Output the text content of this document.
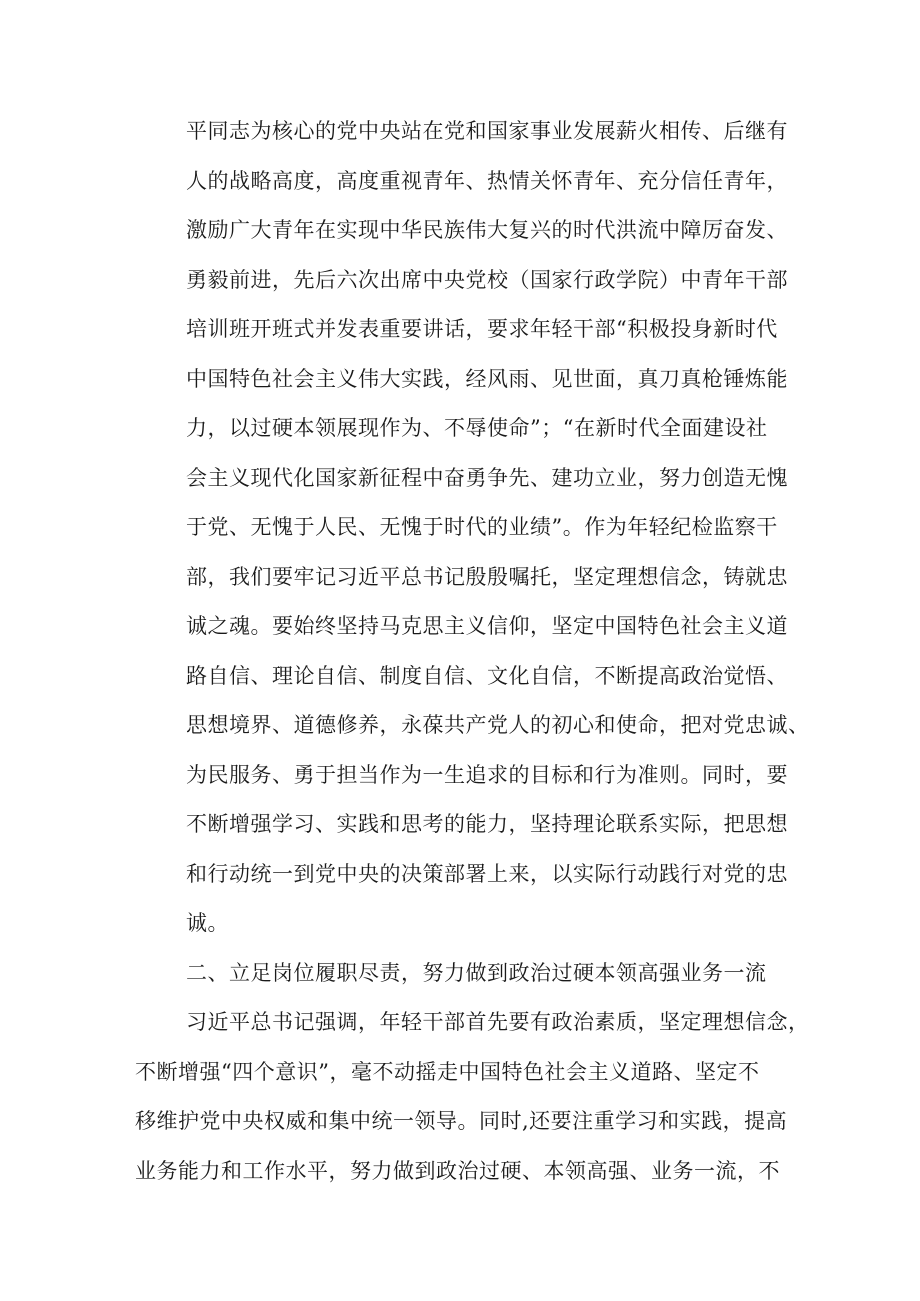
平同志为核心的党中央站在党和国家事业发展薪火相传、后继有
人的战略高度，高度重视青年、热情关怀青年、充分信任青年，
激励广大青年在实现中华民族伟大复兴的时代洪流中障厉奋发、
勇毅前进，先后六次出席中央党校（国家行政学院）中青年干部
培训班开班式并发表重要讲话，要求年轻干部“积极投身新时代
中国特色社会主义伟大实践，经风雨、见世面，真刀真枪锤炼能
力，以过硬本领展现作为、不辱使命”；“在新时代全面建设社
会主义现代化国家新征程中奋勇争先、建功立业，努力创造无愧
于党、无愧于人民、无愧于时代的业绩”。作为年轻纪检监察干
部，我们要牢记习近平总书记殷殷嘱托，坚定理想信念，铸就忠
诚之魂。要始终坚持马克思主义信仰，坚定中国特色社会主义道
路自信、理论自信、制度自信、文化自信，不断提高政治觉悟、
思想境界、道德修养，永葆共产党人的初心和使命，把对党忠诚、
为民服务、勇于担当作为一生追求的目标和行为准则。同时，要
不断增强学习、实践和思考的能力，坚持理论联系实际，把思想
和行动统一到党中央的决策部署上来，以实际行动践行对党的忠
诚。
二、立足岗位履职尽责，努力做到政治过硬本领高强业务一流
习近平总书记强调，年轻干部首先要有政治素质，坚定理想信念，
不断增强“四个意识”，毫不动摇走中国特色社会主义道路、坚定不
移维护党中央权威和集中统一领导。同时,还要注重学习和实践，提高
业务能力和工作水平，努力做到政治过硬、本领高强、业务一流，不
